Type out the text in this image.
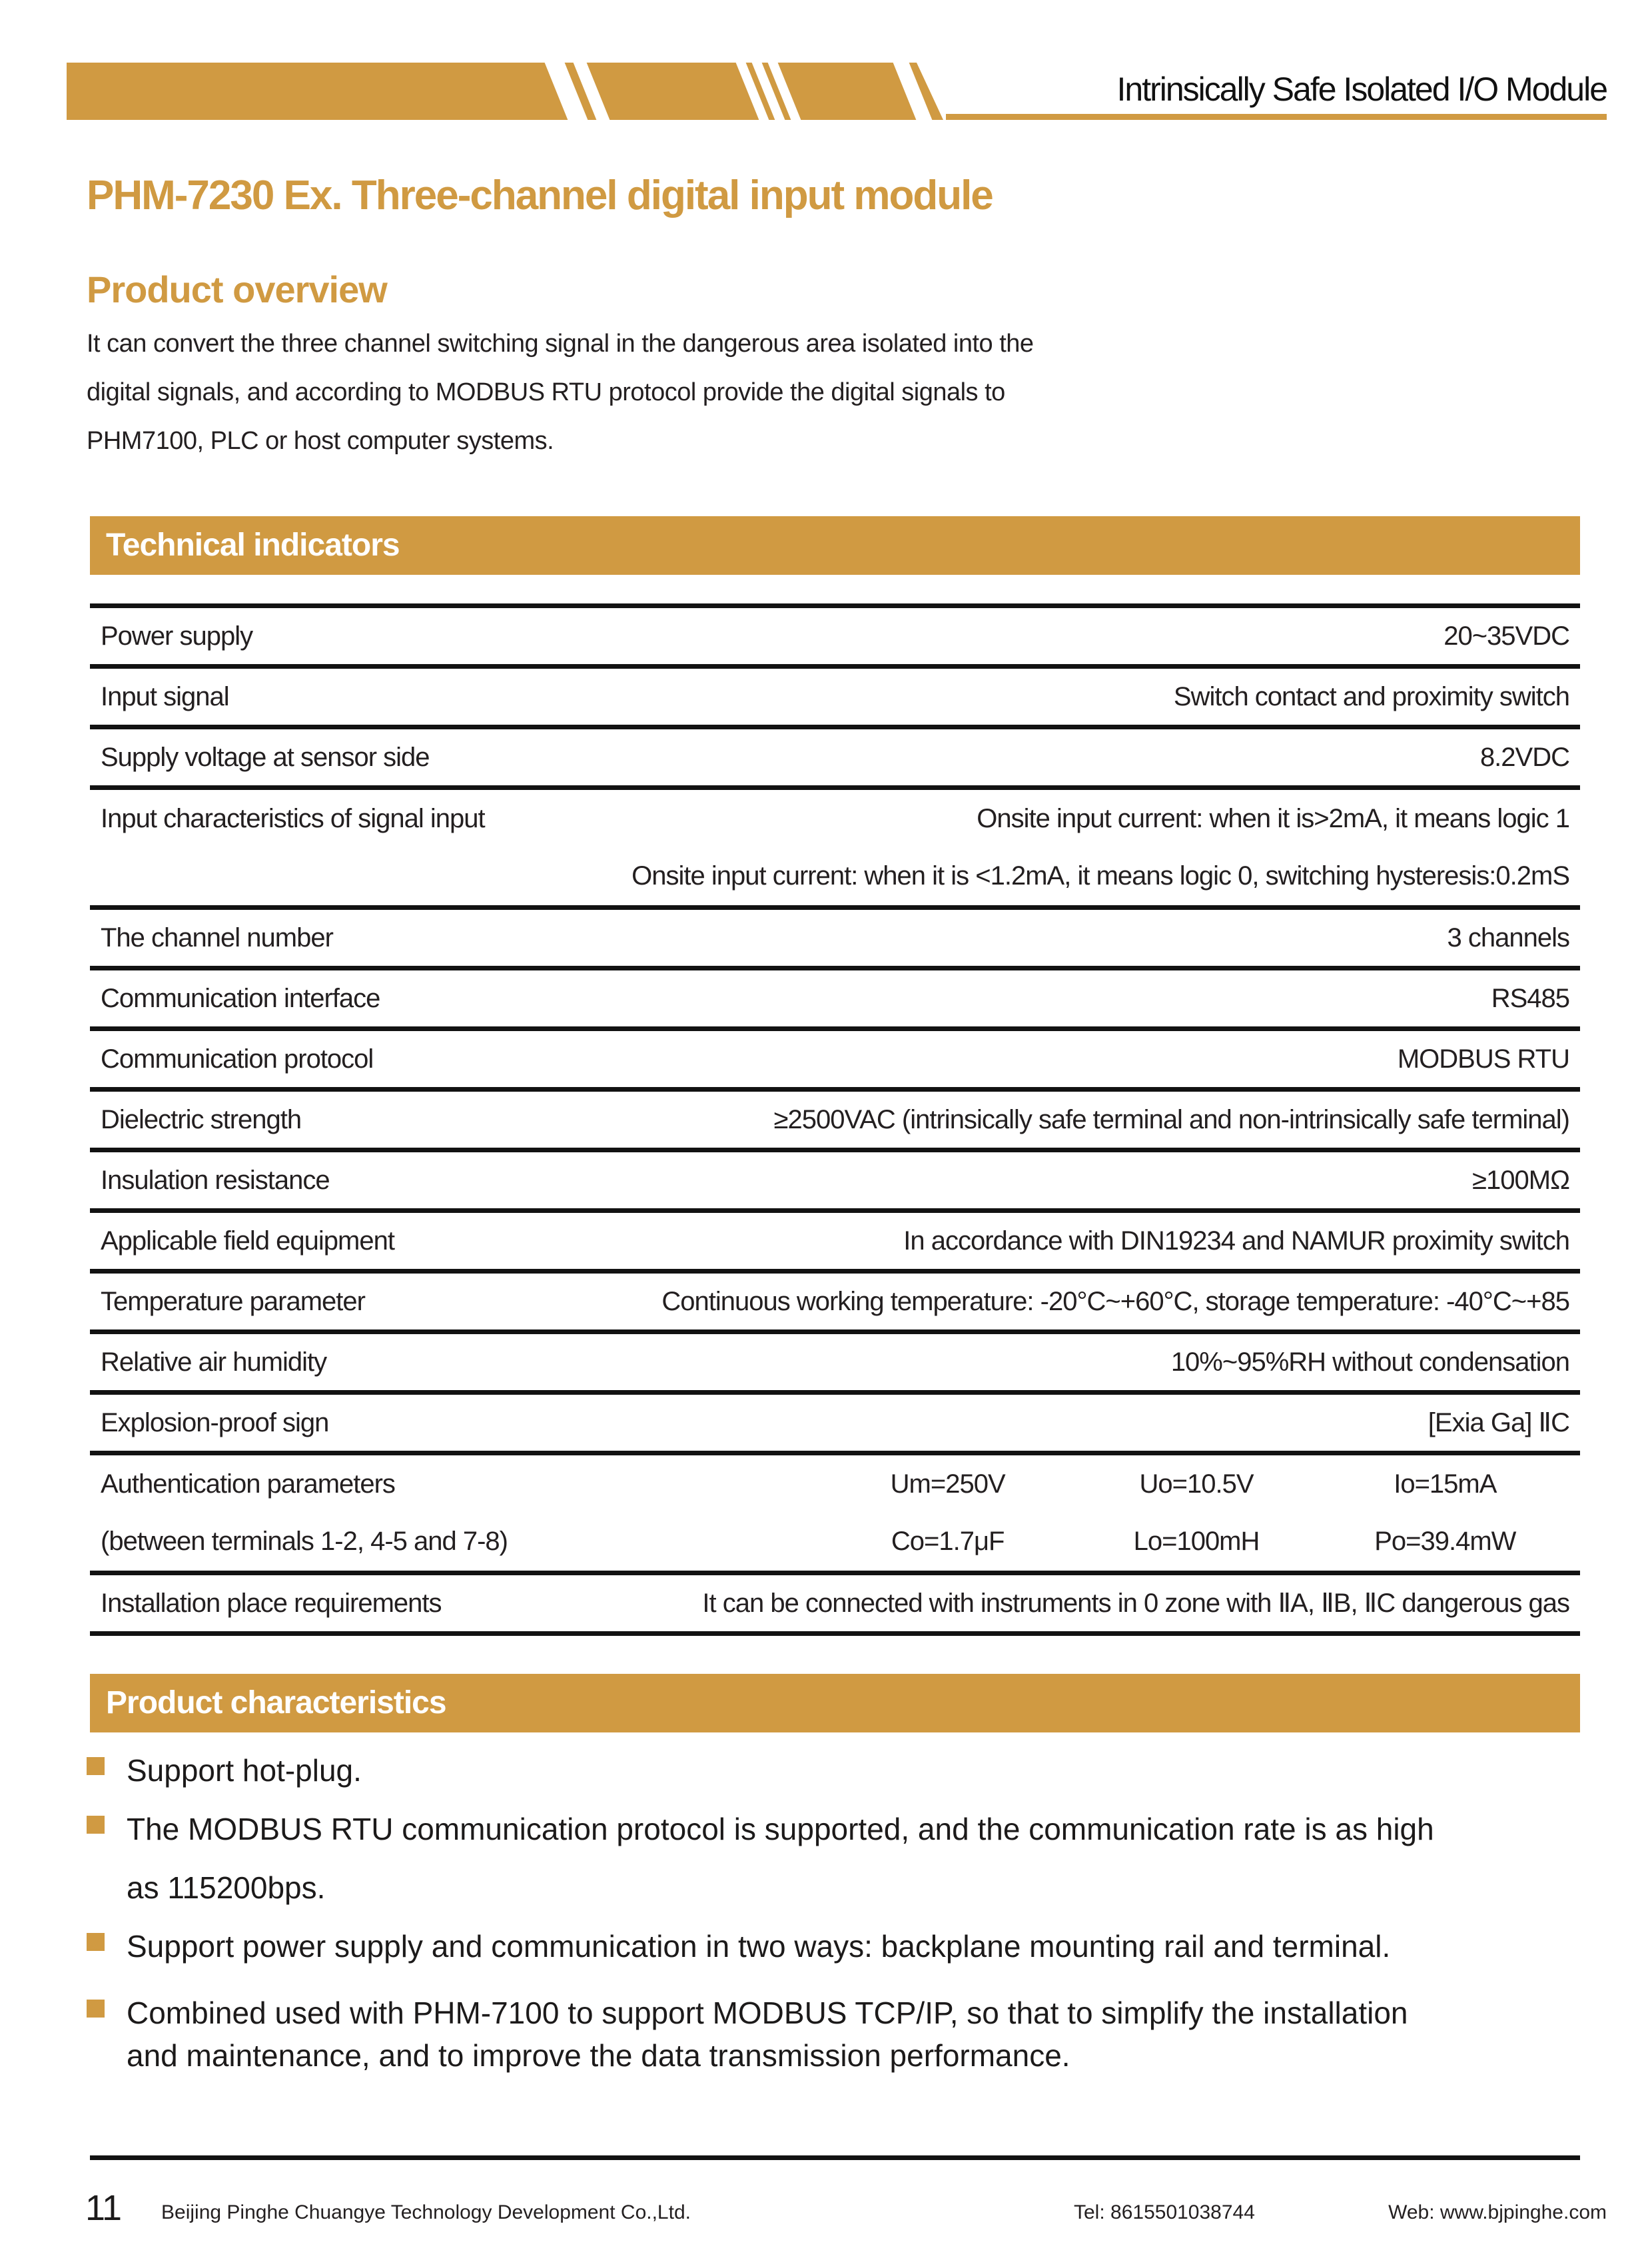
Intrinsically Safe Isolated I/O Module
PHM-7230 Ex. Three-channel digital input module
Product overview
It can convert the three channel switching signal in the dangerous area isolated into the
digital signals, and according to MODBUS RTU protocol provide the digital signals to
PHM7100, PLC or host computer systems.
Technical indicators
Power supply	20~35VDC
Input signal	Switch contact and proximity switch
Supply voltage at sensor side	8.2VDC
Input characteristics of signal input	Onsite input current: when it is>2mA, it means logic 1
Onsite input current: when it is <1.2mA, it means logic 0, switching hysteresis:0.2mS
The channel number	3 channels
Communication interface	RS485
Communication protocol	MODBUS RTU
Dielectric strength	≥2500VAC (intrinsically safe terminal and non-intrinsically safe terminal)
Insulation resistance	≥100MΩ
Applicable field equipment	In accordance with DIN19234 and NAMUR proximity switch
Temperature parameter	Continuous working temperature: -20°C~+60°C, storage temperature: -40°C~+85
Relative air humidity	10%~95%RH without condensation
Explosion-proof sign	[Exia Ga] ⅡC
Authentication parameters	Um=250V	Uo=10.5V	Io=15mA
(between terminals 1-2, 4-5 and 7-8)	Co=1.7μF	Lo=100mH	Po=39.4mW
Installation place requirements	It can be connected with instruments in 0 zone with ⅡA, ⅡB, ⅡC dangerous gas
Product characteristics
Support hot-plug.
The MODBUS RTU communication protocol is supported, and the communication rate is as high
as 115200bps.
Support power supply and communication in two ways: backplane mounting rail and terminal.
Combined used with PHM-7100 to support MODBUS TCP/IP, so that to simplify the installation
and maintenance, and to improve the data transmission performance.
11 Beijing Pinghe Chuangye Technology Development Co.,Ltd.	Tel: 8615501038744	Web: www.bjpinghe.com
